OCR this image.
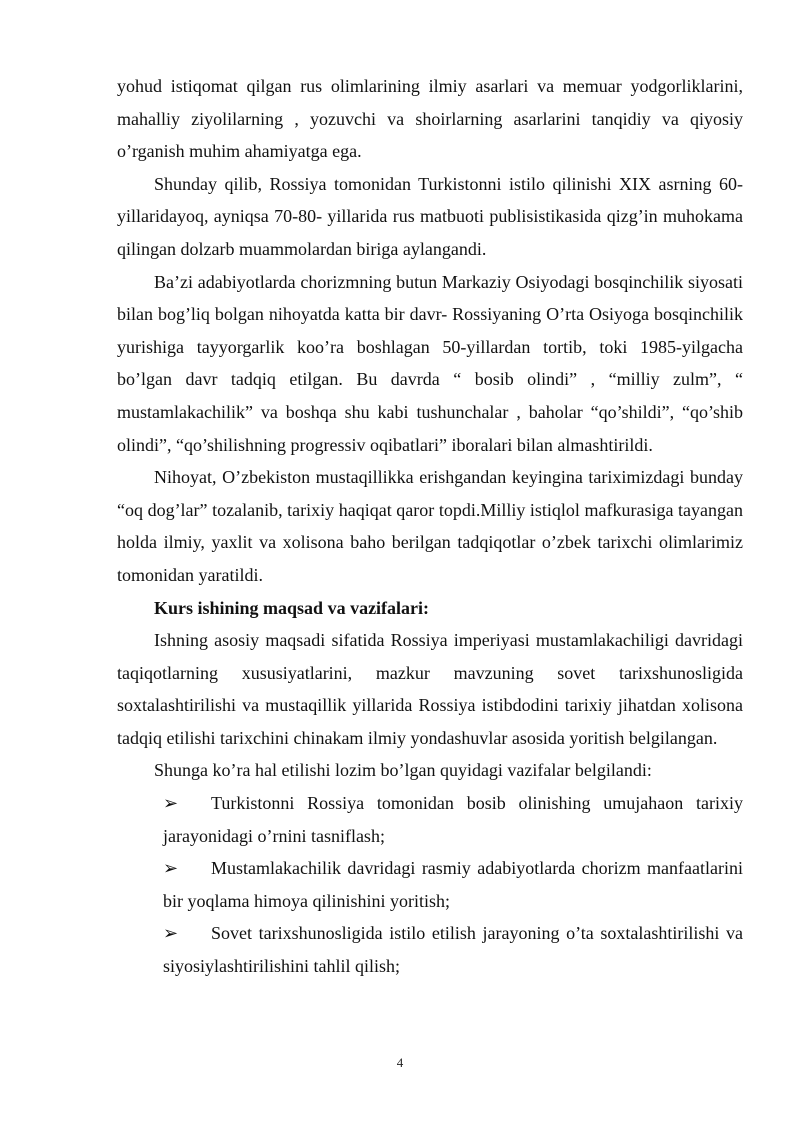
yohud istiqomat qilgan rus olimlarining ilmiy asarlari va memuar yodgorliklarini, mahalliy ziyolilarning , yozuvchi va shoirlarning asarlarini tanqidiy va qiyosiy o’rganish muhim ahamiyatga ega.

Shunday qilib, Rossiya tomonidan Turkistonni istilo qilinishi XIX asrning 60-yillaridayoq, ayniqsa 70-80- yillarida rus matbuoti publisistikasida qizg’in muhokama qilingan dolzarb muammolardan biriga aylangandi.

Ba’zi adabiyotlarda chorizmning butun Markaziy Osiyodagi bosqinchilik siyosati bilan bog’liq bolgan nihoyatda katta bir davr- Rossiyaning O’rta Osiyoga bosqinchilik yurishiga tayyorgarlik koo’ra boshlagan 50-yillardan tortib, toki 1985-yilgacha bo’lgan davr tadqiq etilgan. Bu davrda “ bosib olindi” , “milliy zulm”, “ mustamlakachilik” va boshqa shu kabi tushunchalar , baholar “qo’shildi”, “qo’shib olindi”, “qo’shilishning progressiv oqibatlari” iboralari bilan almashtirildi.

Nihoyat, O’zbekiston mustaqillikka erishgandan keyingina tariximizdagi bunday “oq dog’lar” tozalanib, tarixiy haqiqat qaror topdi.Milliy istiqlol mafkurasiga tayangan holda ilmiy, yaxlit va xolisona baho berilgan tadqiqotlar o’zbek tarixchi olimlarimiz tomonidan yaratildi.

Kurs ishining maqsad va vazifalari:

Ishning asosiy maqsadi sifatida Rossiya imperiyasi mustamlakachiligi davridagi taqiqotlarning xususiyatlarini, mazkur mavzuning sovet tarixshunosligida soxtalashtirilishi va mustaqillik yillarida Rossiya istibdodini tarixiy jihatdan xolisona tadqiq etilishi tarixchini chinakam ilmiy yondashuvlar asosida yoritish belgilangan.

Shunga ko’ra hal etilishi lozim bo’lgan quyidagi vazifalar belgilandi:

➢	Turkistonni Rossiya tomonidan bosib olinishing umujahaon tarixiy jarayonidagi o’rnini tasniflash;
➢	Mustamlakachilik davridagi rasmiy adabiyotlarda chorizm manfaatlarini bir yoqlama himoya qilinishini yoritish;
➢	Sovet tarixshunosligida istilo etilish jarayoning o’ta soxtalashtirilishi va siyosiylashtirilishini tahlil qilish;
4
